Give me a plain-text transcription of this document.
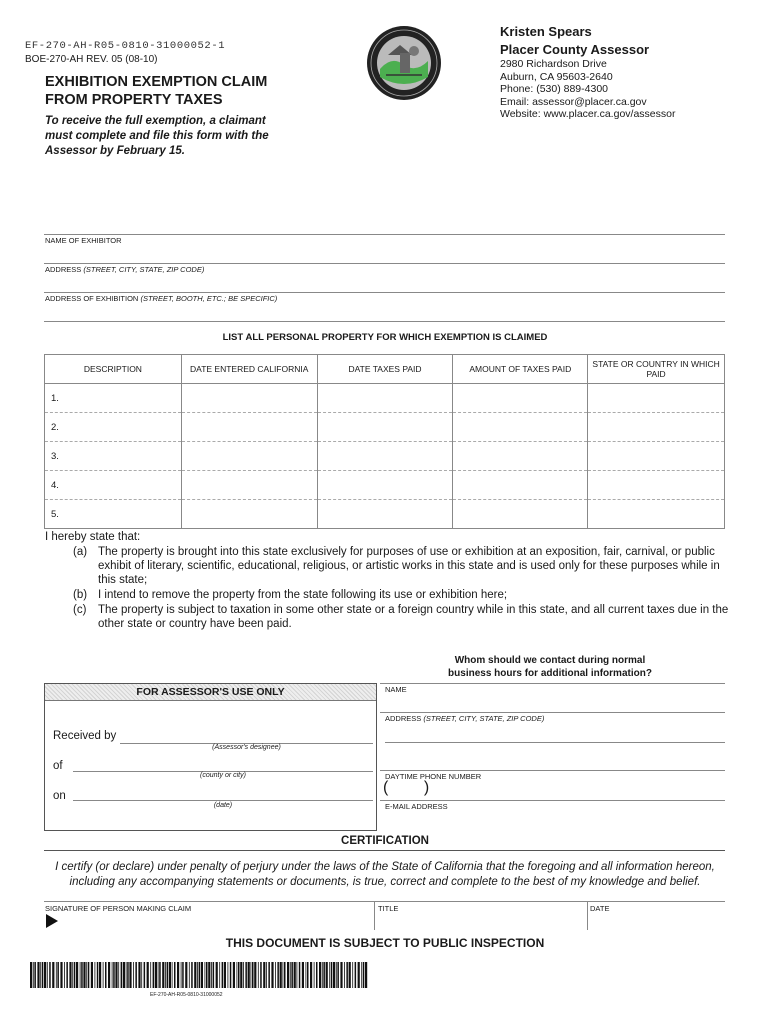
EF-270-AH-R05-0810-31000052-1
BOE-270-AH REV. 05 (08-10)
EXHIBITION EXEMPTION CLAIM
FROM PROPERTY TAXES
To receive the full exemption, a claimant must complete and file this form with the Assessor by February 15.
Kristen Spears
Placer County Assessor
2980 Richardson Drive
Auburn, CA 95603-2640
Phone: (530) 889-4300
Email: assessor@placer.ca.gov
Website: www.placer.ca.gov/assessor
NAME OF EXHIBITOR
ADDRESS (STREET, CITY, STATE, ZIP CODE)
ADDRESS OF EXHIBITION (STREET, BOOTH, ETC.; BE SPECIFIC)
LIST ALL PERSONAL PROPERTY FOR WHICH EXEMPTION IS CLAIMED
DESCRIPTION	DATE ENTERED CALIFORNIA	DATE TAXES PAID	AMOUNT OF TAXES PAID	STATE OR COUNTRY IN WHICH PAID
1.				
2.				
3.				
4.				
5.				
I hereby state that:
(a) The property is brought into this state exclusively for purposes of use or exhibition at an exposition, fair, carnival, or public exhibit of literary, scientific, educational, religious, or artistic works in this state and is used only for these purposes while in this state;
(b) I intend to remove the property from the state following its use or exhibition here;
(c)	The property is subject to taxation in some other state or a foreign country while in this state, and all current taxes due in the other state or country have been paid.
Whom should we contact during normal
business hours for additional information?
FOR ASSESSOR'S USE ONLY
Received by
(Assessor's designee)
of
(county or city)
on
(date)
NAME
ADDRESS (STREET, CITY, STATE, ZIP CODE)
DAYTIME PHONE NUMBER
(        )
E-MAIL ADDRESS
CERTIFICATION
I certify (or declare) under penalty of perjury under the laws of the State of California that the foregoing and all information hereon, including any accompanying statements or documents, is true, correct and complete to the best of my knowledge and belief.
SIGNATURE OF PERSON MAKING CLAIM	TITLE	DATE
THIS DOCUMENT IS SUBJECT TO PUBLIC INSPECTION
EF-270-AH-R05-0810-31000052
